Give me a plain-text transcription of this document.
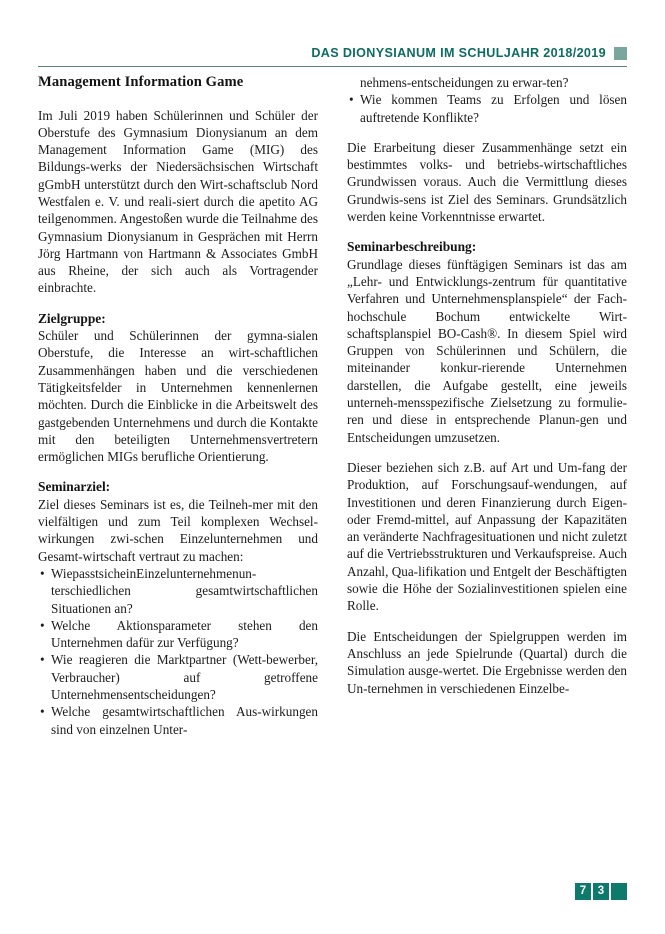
DAS DIONYSIANUM IM SCHULJAHR 2018/2019
Management Information Game

Im Juli 2019 haben Schülerinnen und Schüler der Oberstufe des Gymnasium Dionysianum an dem Management Information Game (MIG) des Bildungs-werks der Niedersächsischen Wirtschaft gGmbH unterstützt durch den Wirt-schaftsclub Nord Westfalen e. V. und reali-siert durch die apetito AG teilgenommen. Angestoßen wurde die Teilnahme des Gymnasium Dionysianum in Gesprächen mit Herrn Jörg Hartmann von Hartmann & Associates GmbH aus Rheine, der sich auch als Vortragender einbrachte.

Zielgruppe:

Schüler und Schülerinnen der gymna-sialen Oberstufe, die Interesse an wirt-schaftlichen Zusammenhängen haben und die verschiedenen Tätigkeitsfelder in Unternehmen kennenlernen möchten. Durch die Einblicke in die Arbeitswelt des gastgebenden Unternehmens und durch die Kontakte mit den beteiligten Unternehmensvertretern ermöglichen MIGs berufliche Orientierung.

Seminarziel:

Ziel dieses Seminars ist es, die Teilneh-mer mit den vielfältigen und zum Teil komplexen Wechsel-wirkungen zwi-schen Einzelunternehmen und Gesamt-wirtschaft vertraut zu machen:

• WiepasstsicheinEinzelunternehmenun-terschiedlichen gesamtwirtschaftlichen Situationen an?
• Welche Aktionsparameter stehen den Unternehmen dafür zur Verfügung?
• Wie reagieren die Marktpartner (Wett-bewerber, Verbraucher) auf getroffene Unternehmensentscheidungen?
• Welche gesamtwirtschaftlichen Aus-wirkungen sind von einzelnen Unter-

nehmens-entscheidungen zu erwar-ten?

• Wie kommen Teams zu Erfolgen und lösen auftretende Konflikte?

Die Erarbeitung dieser Zusammenhänge setzt ein bestimmtes volks- und betriebs-wirtschaftliches Grundwissen voraus. Auch die Vermittlung dieses Grundwis-sens ist Ziel des Seminars. Grundsätzlich werden keine Vorkenntnisse erwartet.

Seminarbeschreibung:

Grundlage dieses fünftägigen Seminars ist das am „Lehr- und Entwicklungs-zentrum für quantitative Verfahren und Unternehmensplanspiele“ der Fach-hochschule Bochum entwickelte Wirt-schaftsplanspiel BO-Cash®. In diesem Spiel wird Gruppen von Schülerinnen und Schülern, die miteinander konkur-rierende Unternehmen darstellen, die Aufgabe gestellt, eine jeweils unterneh-mensspezifische Zielsetzung zu formulie-ren und diese in entsprechende Planun-gen und Entscheidungen umzusetzen.

Dieser beziehen sich z.B. auf Art und Um-fang der Produktion, auf Forschungsauf-wendungen, auf Investitionen und deren Finanzierung durch Eigen- oder Fremd-mittel, auf Anpassung der Kapazitäten an veränderte Nachfragesituationen und nicht zuletzt auf die Vertriebsstrukturen und Verkaufspreise. Auch Anzahl, Qua-lifikation und Entgelt der Beschäftigten sowie die Höhe der Sozialinvestitionen spielen eine Rolle.

Die Entscheidungen der Spielgruppen werden im Anschluss an jede Spielrunde (Quartal) durch die Simulation ausge-wertet. Die Ergebnisse werden den Un-ternehmen in verschiedenen Einzelbe-

7	3
